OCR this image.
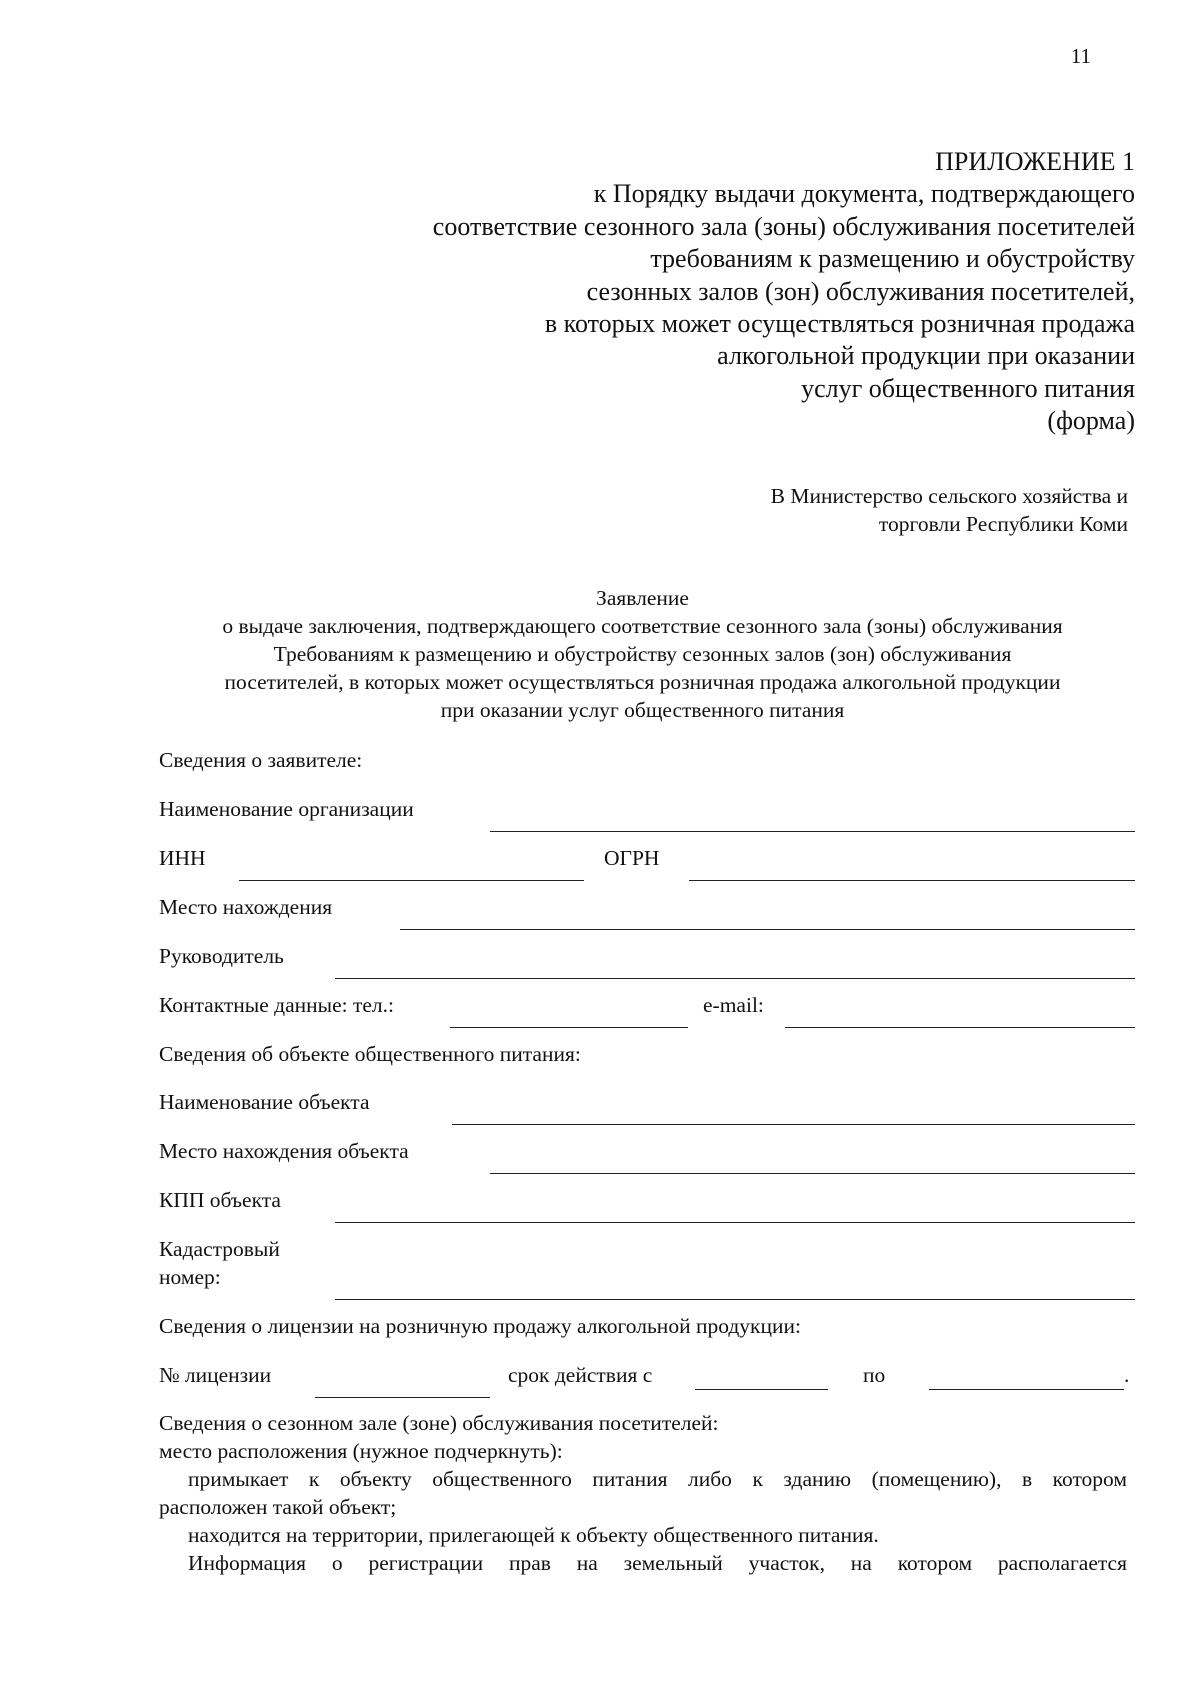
11
ПРИЛОЖЕНИЕ 1
к Порядку выдачи документа, подтверждающего
соответствие сезонного зала (зоны) обслуживания посетителей
требованиям к размещению и обустройству
сезонных залов (зон) обслуживания посетителей,
в которых может осуществляться розничная продажа
алкогольной продукции при оказании
услуг общественного питания
(форма)
В Министерство сельского хозяйства и
торговли Республики Коми
Заявление
о выдаче заключения, подтверждающего соответствие сезонного зала (зоны) обслуживания
Требованиям к размещению и обустройству сезонных залов (зон) обслуживания
посетителей, в которых может осуществляться розничная продажа алкогольной продукции
при оказании услуг общественного питания
Сведения о заявителе:
Наименование организации
ИНН	ОГРН
Место нахождения
Руководитель
Контактные данные: тел.:	e-mail:
Сведения об объекте общественного питания:
Наименование объекта
Место нахождения объекта
КПП объекта
Кадастровый
номер:
Сведения о лицензии на розничную продажу алкогольной продукции:
№ лицензии	срок действия с	по	.
Сведения о сезонном зале (зоне) обслуживания посетителей:
место расположения (нужное подчеркнуть):
примыкает к объекту общественного питания либо к зданию (помещению), в котором
расположен такой объект;
находится на территории, прилегающей к объекту общественного питания.
Информация о регистрации прав на земельный участок, на котором располагается
